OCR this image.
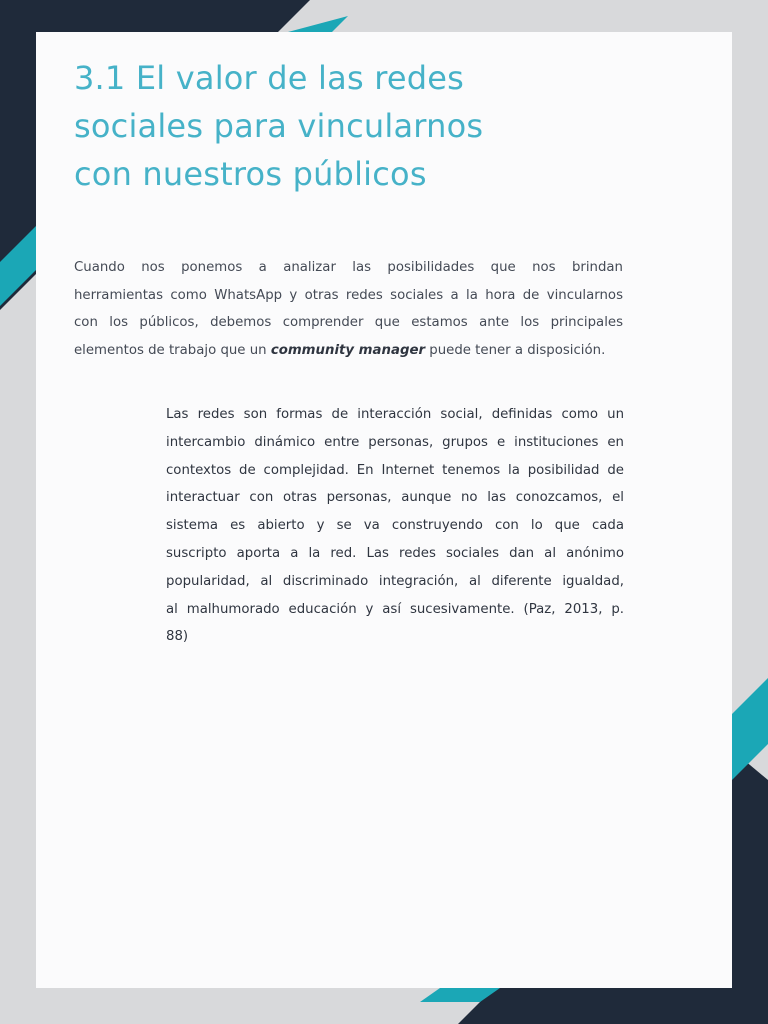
3.1 El valor de las redes
sociales para vincularnos
con nuestros públicos

Cuando nos ponemos a analizar las posibilidades que nos brindan
herramientas como WhatsApp y otras redes sociales a la hora de vincularnos
con los públicos, debemos comprender que estamos ante los principales
elementos de trabajo que un community manager puede tener a disposición.

Las redes son formas de interacción social, definidas como un
intercambio dinámico entre personas, grupos e instituciones en
contextos de complejidad. En Internet tenemos la posibilidad de
interactuar con otras personas, aunque no las conozcamos, el
sistema es abierto y se va construyendo con lo que cada
suscripto aporta a la red. Las redes sociales dan al anónimo
popularidad, al discriminado integración, al diferente igualdad,
al malhumorado educación y así sucesivamente. (Paz, 2013, p.
88)
